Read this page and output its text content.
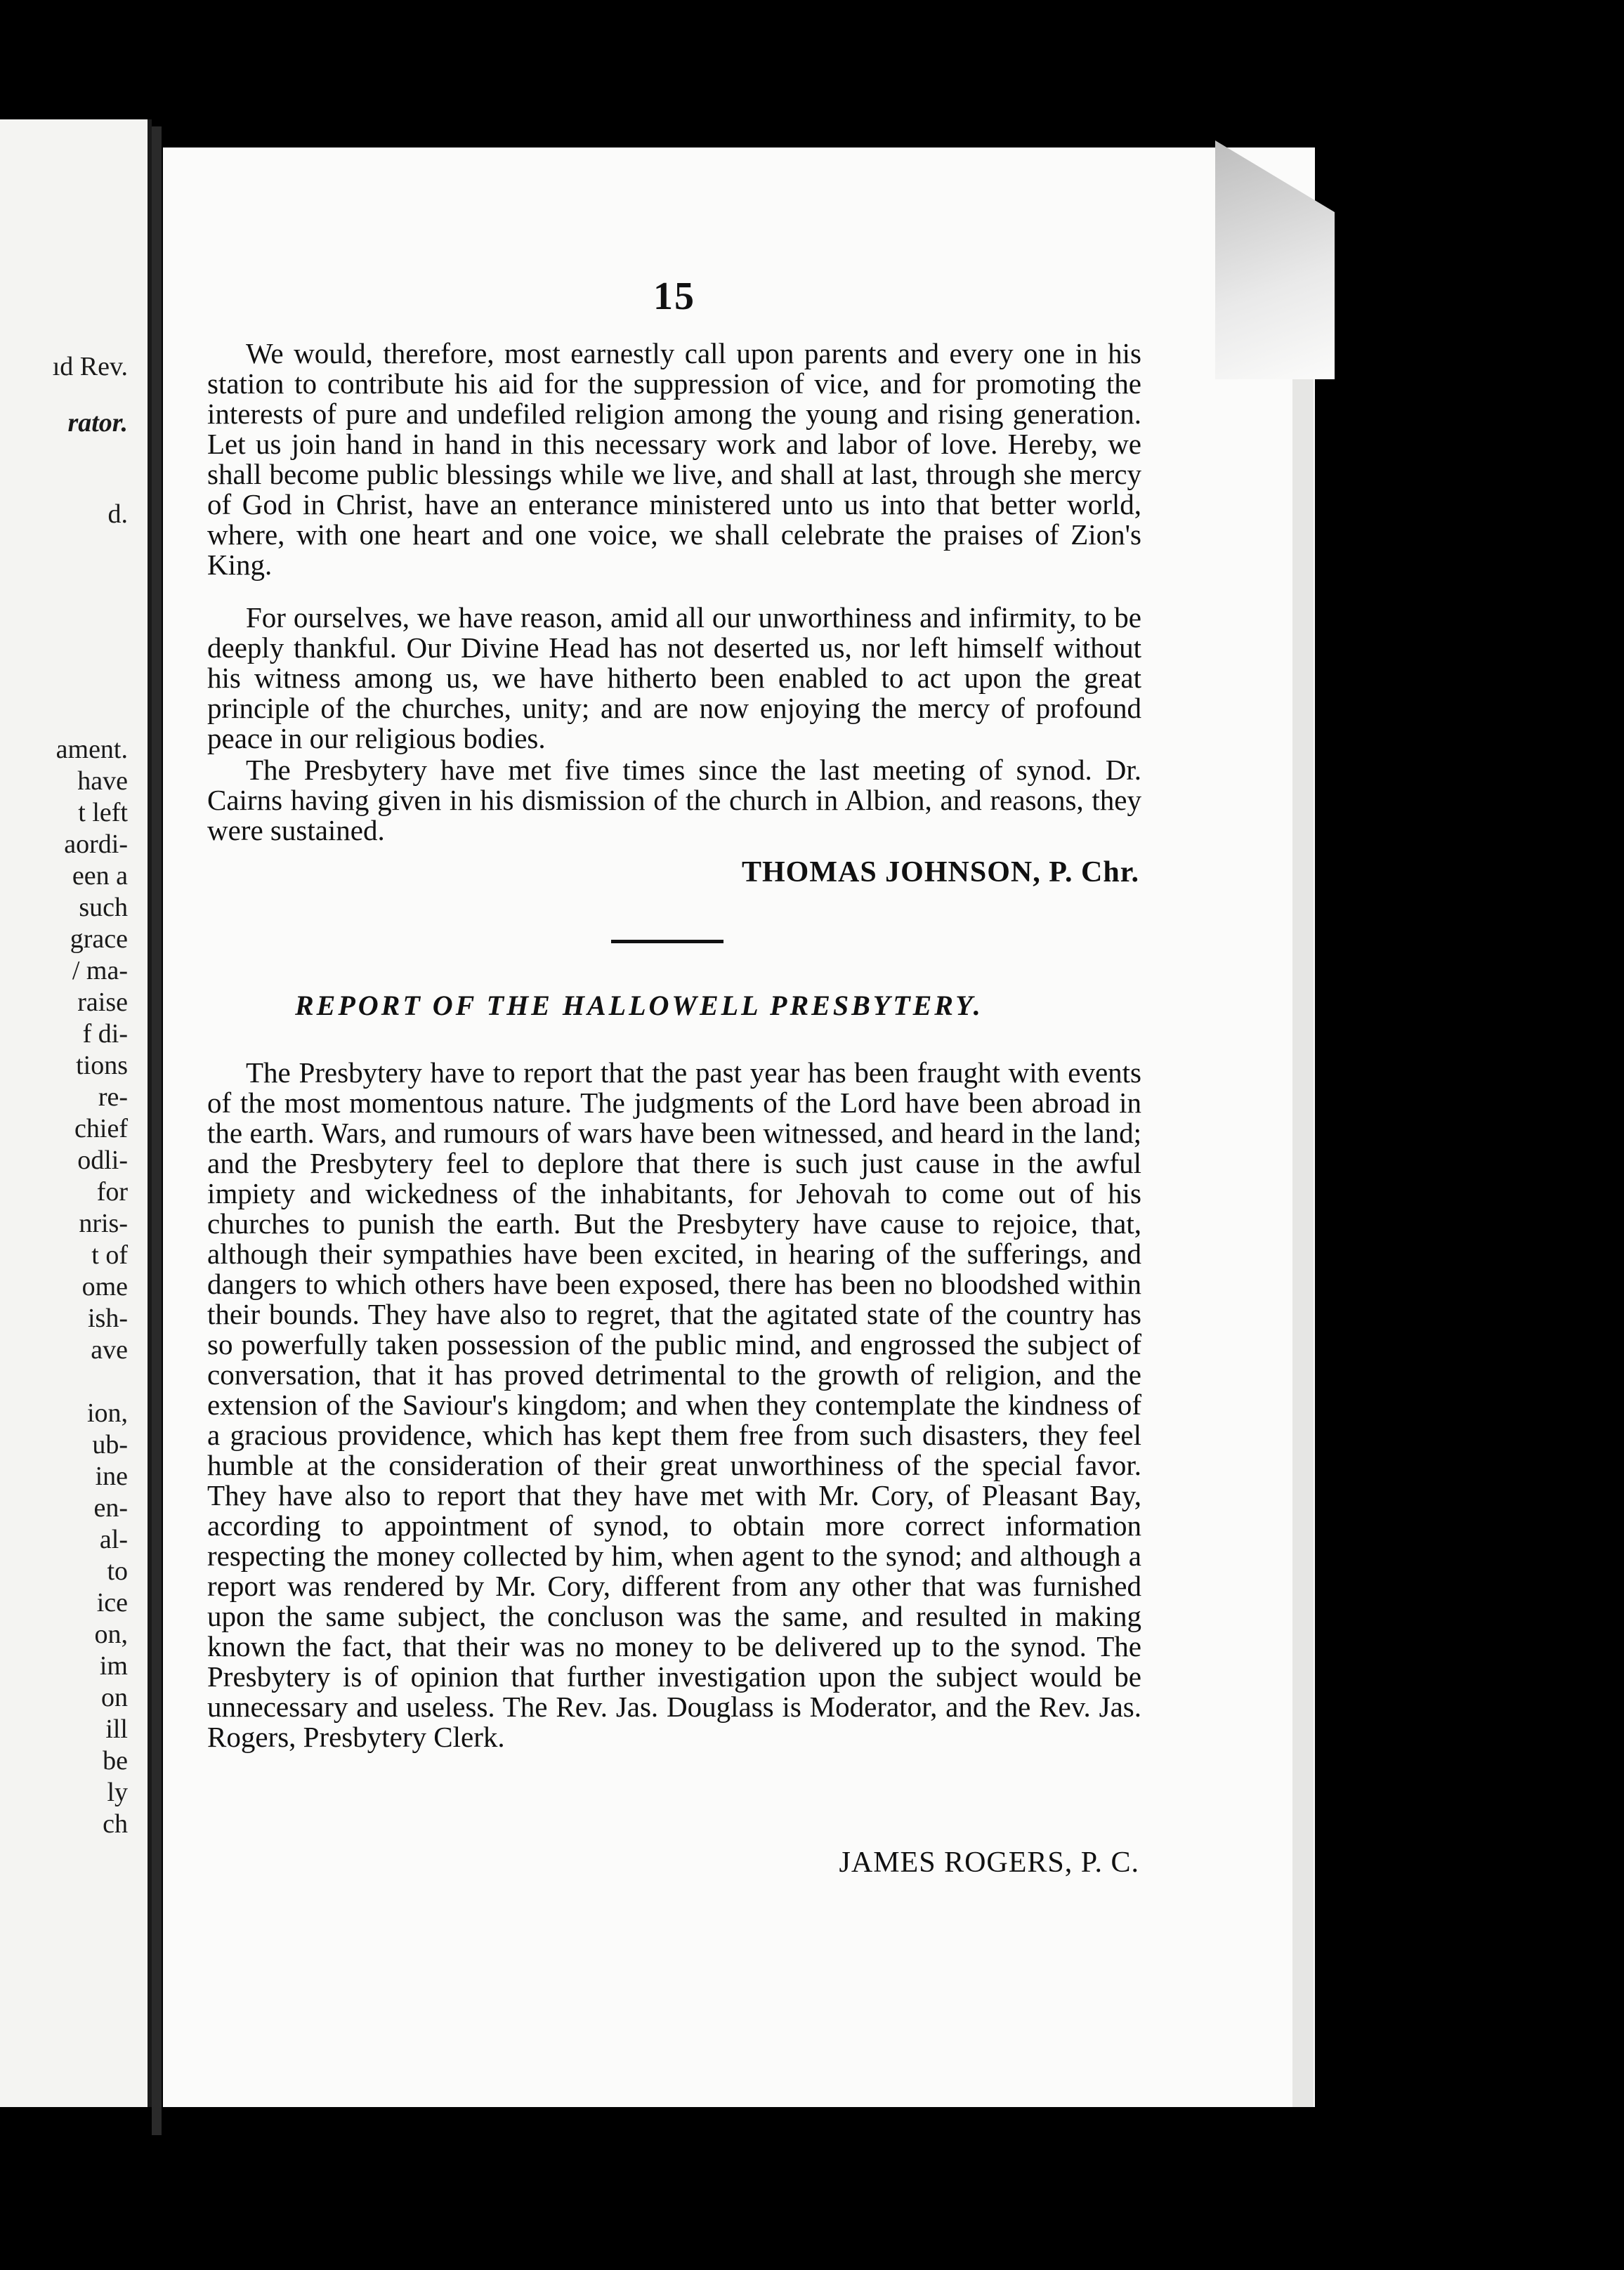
ıd Rev.
rator.
d.
ament.
have
t left
aordi-
een a
such
grace
/ ma-
raise
f di-
tions
re-
chief
odli-
for
nris-
t of
ome
ish-
ave
ion,
ub-
ine
en-
al-
to
ice
on,
im
on
ill
be
ly
ch
15

We would, therefore, most earnestly call upon parents and every one in his station to contribute his aid for the suppression of vice, and for promoting the interests of pure and undefiled religion among the young and rising generation. Let us join hand in hand in this necessary work and labor of love. Hereby, we shall become public blessings while we live, and shall at last, through she mercy of God in Christ, have an enterance ministered unto us into that better world, where, with one heart and one voice, we shall celebrate the praises of Zion's King.

For ourselves, we have reason, amid all our unworthiness and infirmity, to be deeply thankful. Our Divine Head has not deserted us, nor left himself without his witness among us, we have hitherto been enabled to act upon the great principle of the churches, unity; and are now enjoying the mercy of profound peace in our religious bodies.

The Presbytery have met five times since the last meeting of synod. Dr. Cairns having given in his dismission of the church in Albion, and reasons, they were sustained.

THOMAS JOHNSON, P. Chr.
REPORT OF THE HALLOWELL PRESBYTERY.

The Presbytery have to report that the past year has been fraught with events of the most momentous nature. The judgments of the Lord have been abroad in the earth. Wars, and rumours of wars have been witnessed, and heard in the land; and the Presbytery feel to deplore that there is such just cause in the awful impiety and wickedness of the inhabitants, for Jehovah to come out of his churches to punish the earth. But the Presbytery have cause to rejoice, that, although their sympathies have been excited, in hearing of the sufferings, and dangers to which others have been exposed, there has been no bloodshed within their bounds. They have also to regret, that the agitated state of the country has so powerfully taken possession of the public mind, and engrossed the subject of conversation, that it has proved detrimental to the growth of religion, and the extension of the Saviour's kingdom; and when they contemplate the kindness of a gracious providence, which has kept them free from such disasters, they feel humble at the consideration of their great unworthiness of the special favor. They have also to report that they have met with Mr. Cory, of Pleasant Bay, according to appointment of synod, to obtain more correct information respecting the money collected by him, when agent to the synod; and although a report was rendered by Mr. Cory, different from any other that was furnished upon the same subject, the concluson was the same, and resulted in making known the fact, that their was no money to be delivered up to the synod. The Presbytery is of opinion that further investigation upon the subject would be unnecessary and useless. The Rev. Jas. Douglass is Moderator, and the Rev. Jas. Rogers, Presbytery Clerk.

JAMES ROGERS, P. C.
